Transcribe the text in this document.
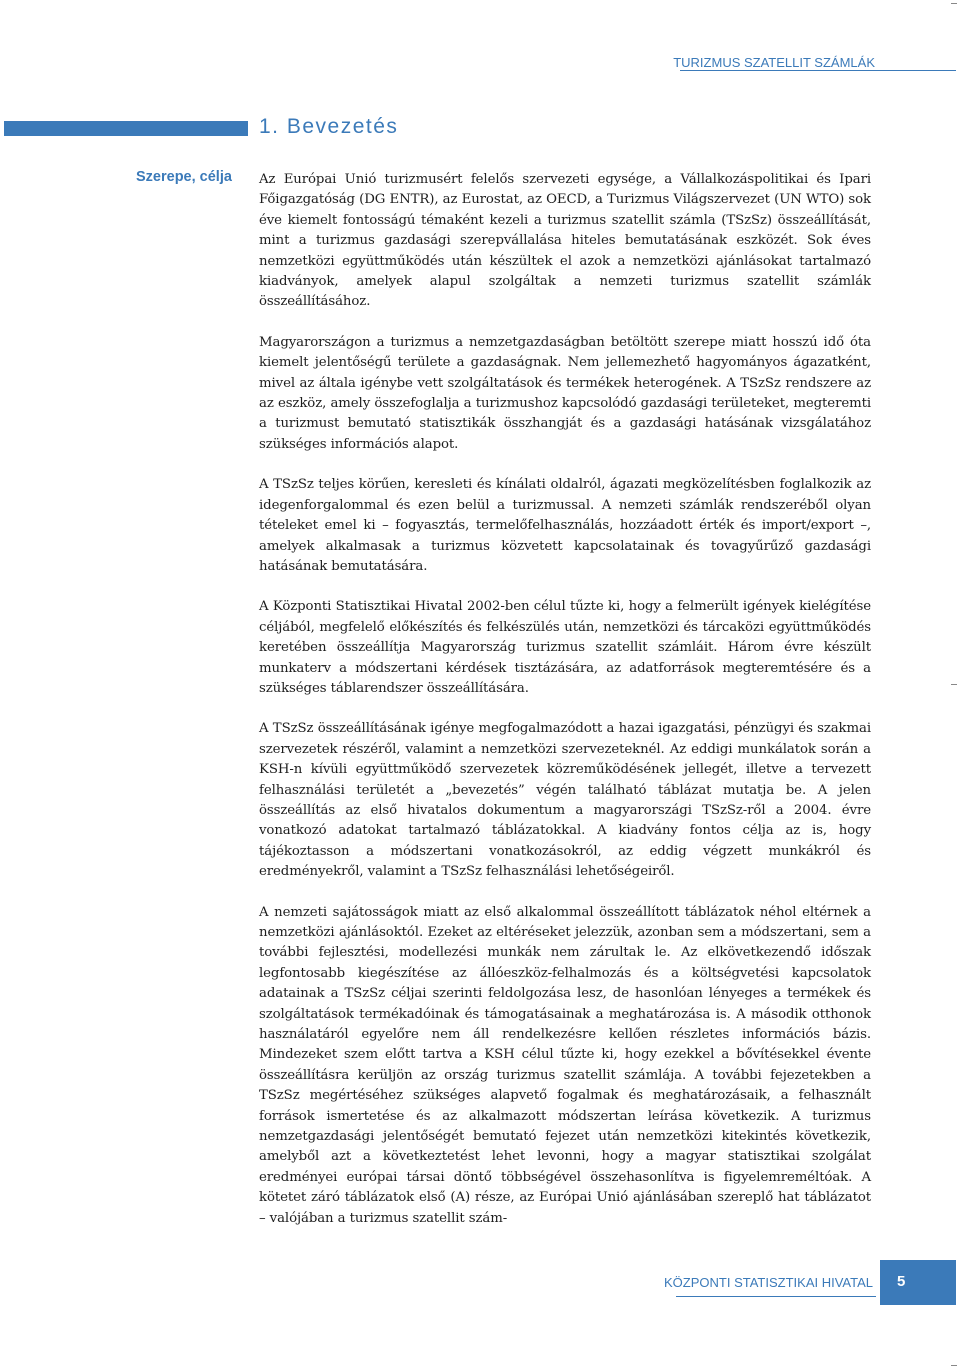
TURIZMUS SZATELLIT SZÁMLÁK
1. Bevezetés
Szerepe, célja Az Európai Unió turizmusért felelős szervezeti egysége, a Vállalkozáspolitikai és Ipari Főigazgatóság (DG ENTR), az Eurostat, az OECD, a Turizmus Világszervezet (UN WTO) sok éve kiemelt fontosságú témaként kezeli a turizmus szatellit számla (TSzSz) összeállítását, mint a turizmus gazdasági szerepvállalása hiteles bemutatásának eszközét. Sok éves nemzetközi együttműködés után készültek el azok a nemzetközi ajánlásokat tartalmazó kiadványok, amelyek alapul szolgáltak a nemzeti turizmus szatellit számlák összeállításához.

Magyarországon a turizmus a nemzetgazdaságban betöltött szerepe miatt hosszú idő óta kiemelt jelentőségű területe a gazdaságnak. Nem jellemezhető hagyományos ágazatként, mivel az általa igénybe vett szolgáltatások és termékek heterogének. A TSzSz rendszere az az eszköz, amely összefoglalja a turizmushoz kapcsolódó gazdasági területeket, megteremti a turizmust bemutató statisztikák összhangját és a gazdasági hatásának vizsgálatához szükséges információs alapot.

A TSzSz teljes körűen, keresleti és kínálati oldalról, ágazati megközelítésben foglalkozik az idegenforgalommal és ezen belül a turizmussal. A nemzeti számlák rendszeréből olyan tételeket emel ki – fogyasztás, termelőfelhasználás, hozzáadott érték és import/export –, amelyek alkalmasak a turizmus közvetett kapcsolatainak és tovagyűrűző gazdasági hatásának bemutatására.

A Központi Statisztikai Hivatal 2002-ben célul tűzte ki, hogy a felmerült igények kielégítése céljából, megfelelő előkészítés és felkészülés után, nemzetközi és tárcaközi együttműködés keretében összeállítja Magyarország turizmus szatellit számláit. Három évre készült munkaterv a módszertani kérdések tisztázására, az adatforrások megteremtésére és a szükséges táblarendszer összeállítására.

A TSzSz összeállításának igénye megfogalmazódott a hazai igazgatási, pénzügyi és szakmai szervezetek részéről, valamint a nemzetközi szervezeteknél. Az eddigi munkálatok során a KSH-n kívüli együttműködő szervezetek közreműködésének jellegét, illetve a tervezett felhasználási területét a „bevezetés” végén található táblázat mutatja be. A jelen összeállítás az első hivatalos dokumentum a magyarországi TSzSz-ről a 2004. évre vonatkozó adatokat tartalmazó táblázatokkal. A kiadvány fontos célja az is, hogy tájékoztasson a módszertani vonatkozásokról, az eddig végzett munkákról és eredményekről, valamint a TSzSz felhasználási lehetőségeiről.

A nemzeti sajátosságok miatt az első alkalommal összeállított táblázatok néhol eltérnek a nemzetközi ajánlásoktól. Ezeket az eltéréseket jelezzük, azonban sem a módszertani, sem a további fejlesztési, modellezési munkák nem zárultak le. Az elkövetkezendő időszak legfontosabb kiegészítése az állóeszköz-felhalmozás és a költségvetési kapcsolatok adatainak a TSzSz céljai szerinti feldolgozása lesz, de hasonlóan lényeges a termékek és szolgáltatások termékadóinak és támogatásainak a meghatározása is. A második otthonok használatáról egyelőre nem áll rendelkezésre kellően részletes információs bázis. Mindezeket szem előtt tartva a KSH célul tűzte ki, hogy ezekkel a bővítésekkel évente összeállításra kerüljön az ország turizmus szatellit számlája. A további fejezetekben a TSzSz megértéséhez szükséges alapvető fogalmak és meghatározásaik, a felhasznált források ismertetése és az alkalmazott módszertan leírása következik. A turizmus nemzetgazdasági jelentőségét bemutató fejezet után nemzetközi kitekintés következik, amelyből azt a következtetést lehet levonni, hogy a magyar statisztikai szolgálat eredményei európai társai döntő többségével összehasonlítva is figyelemreméltóak. A kötetet záró táblázatok első (A) része, az Európai Unió ajánlásában szereplő hat táblázatot – valójában a turizmus szatellit szám-

KÖZPONTI STATISZTIKAI HIVATAL 5
